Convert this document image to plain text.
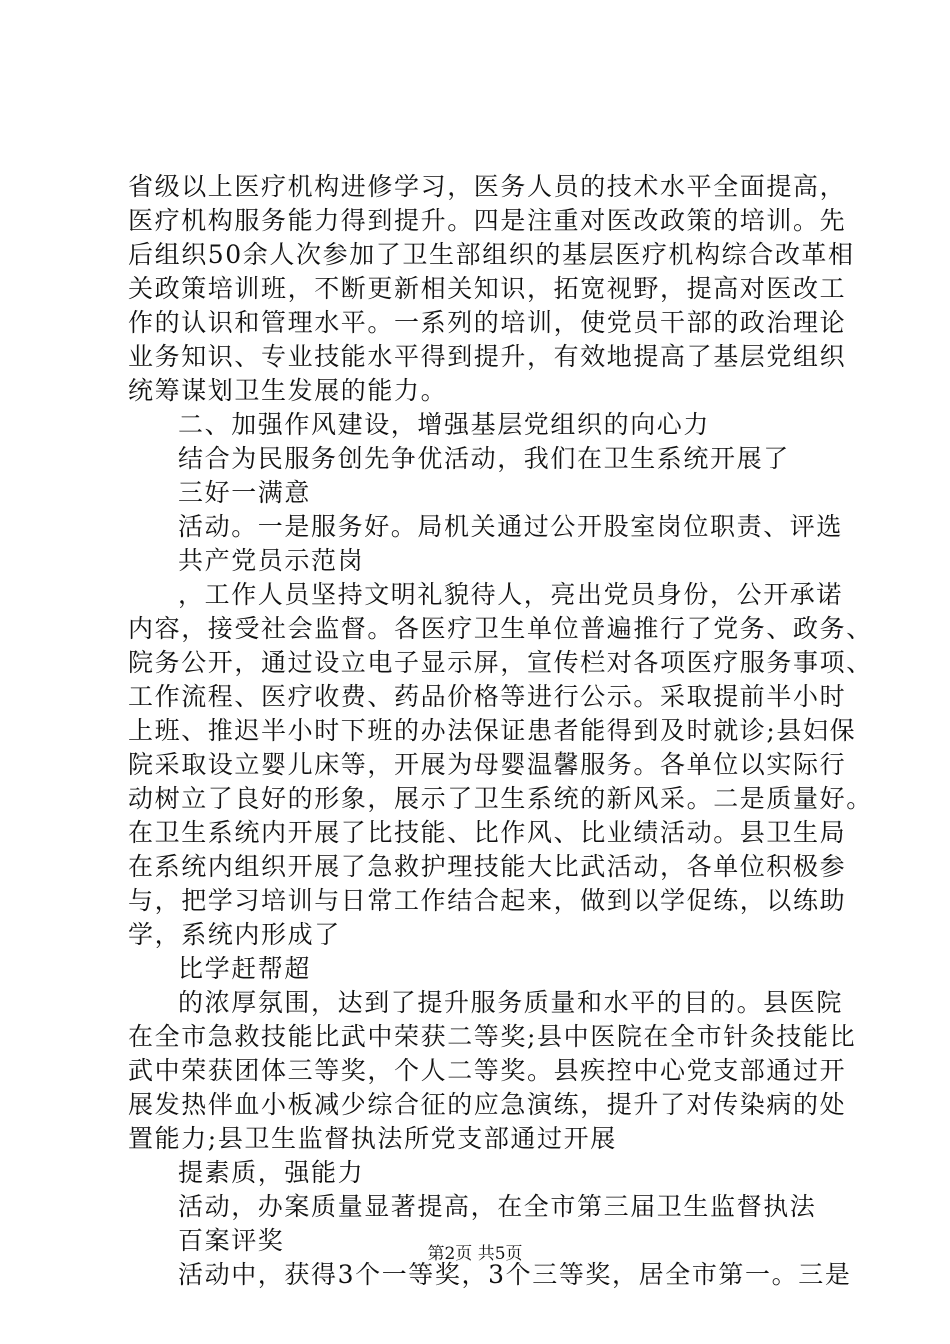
省级以上医疗机构进修学习，医务人员的技术水平全面提高，
医疗机构服务能力得到提升。四是注重对医改政策的培训。先
后组织50余人次参加了卫生部组织的基层医疗机构综合改革相
关政策培训班，不断更新相关知识，拓宽视野，提高对医改工
作的认识和管理水平。一系列的培训，使党员干部的政治理论
业务知识、专业技能水平得到提升，有效地提高了基层党组织
统筹谋划卫生发展的能力。
二、加强作风建设，增强基层党组织的向心力
结合为民服务创先争优活动，我们在卫生系统开展了
三好一满意
活动。一是服务好。局机关通过公开股室岗位职责、评选
共产党员示范岗
，工作人员坚持文明礼貌待人，亮出党员身份，公开承诺
内容，接受社会监督。各医疗卫生单位普遍推行了党务、政务、
院务公开，通过设立电子显示屏，宣传栏对各项医疗服务事项、
工作流程、医疗收费、药品价格等进行公示。采取提前半小时
上班、推迟半小时下班的办法保证患者能得到及时就诊;县妇保
院采取设立婴儿床等，开展为母婴温馨服务。各单位以实际行
动树立了良好的形象，展示了卫生系统的新风采。二是质量好。
在卫生系统内开展了比技能、比作风、比业绩活动。县卫生局
在系统内组织开展了急救护理技能大比武活动，各单位积极参
与，把学习培训与日常工作结合起来，做到以学促练，以练助
学，系统内形成了
比学赶帮超
的浓厚氛围，达到了提升服务质量和水平的目的。县医院
在全市急救技能比武中荣获二等奖;县中医院在全市针灸技能比
武中荣获团体三等奖，个人二等奖。县疾控中心党支部通过开
展发热伴血小板减少综合征的应急演练，提升了对传染病的处
置能力;县卫生监督执法所党支部通过开展
提素质，强能力
活动，办案质量显著提高，在全市第三届卫生监督执法
百案评奖
活动中，获得3个一等奖，3个三等奖，居全市第一。三是
第2页 共5页
